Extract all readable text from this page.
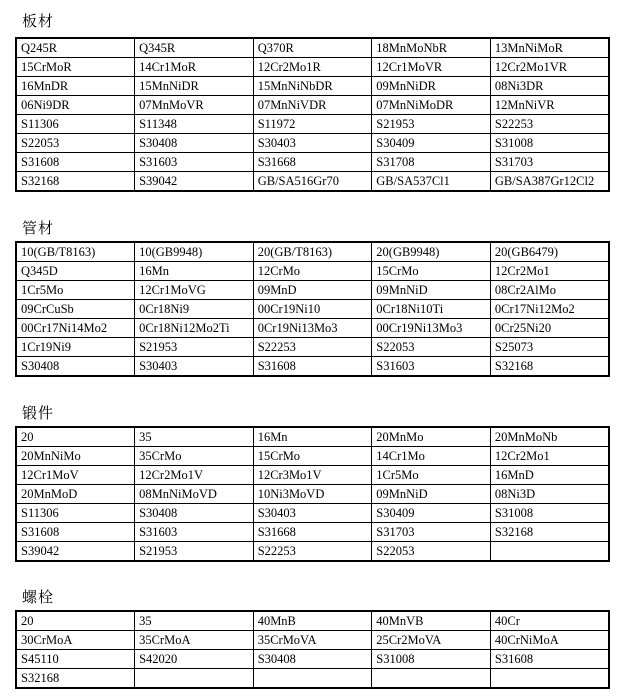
板材
Q245R	Q345R	Q370R	18MnMoNbR	13MnNiMoR
15CrMoR	14Cr1MoR	12Cr2Mo1R	12Cr1MoVR	12Cr2Mo1VR
16MnDR	15MnNiDR	15MnNiNbDR	09MnNiDR	08Ni3DR
06Ni9DR	07MnMoVR	07MnNiVDR	07MnNiMoDR	12MnNiVR
S11306	S11348	S11972	S21953	S22253
S22053	S30408	S30403	S30409	S31008
S31608	S31603	S31668	S31708	S31703
S32168	S39042	GB/SA516Gr70	GB/SA537Cl1	GB/SA387Gr12Cl2
管材
10(GB/T8163)	10(GB9948)	20(GB/T8163)	20(GB9948)	20(GB6479)
Q345D	16Mn	12CrMo	15CrMo	12Cr2Mo1
1Cr5Mo	12Cr1MoVG	09MnD	09MnNiD	08Cr2AlMo
09CrCuSb	0Cr18Ni9	00Cr19Ni10	0Cr18Ni10Ti	0Cr17Ni12Mo2
00Cr17Ni14Mo2	0Cr18Ni12Mo2Ti	0Cr19Ni13Mo3	00Cr19Ni13Mo3	0Cr25Ni20
1Cr19Ni9	S21953	S22253	S22053	S25073
S30408	S30403	S31608	S31603	S32168
锻件
20	35	16Mn	20MnMo	20MnMoNb
20MnNiMo	35CrMo	15CrMo	14Cr1Mo	12Cr2Mo1
12Cr1MoV	12Cr2Mo1V	12Cr3Mo1V	1Cr5Mo	16MnD
20MnMoD	08MnNiMoVD	10Ni3MoVD	09MnNiD	08Ni3D
S11306	S30408	S30403	S30409	S31008
S31608	S31603	S31668	S31703	S32168
S39042	S21953	S22253	S22053	
螺栓
20	35	40MnB	40MnVB	40Cr
30CrMoA	35CrMoA	35CrMoVA	25Cr2MoVA	40CrNiMoA
S45110	S42020	S30408	S31008	S31608
S32168				
